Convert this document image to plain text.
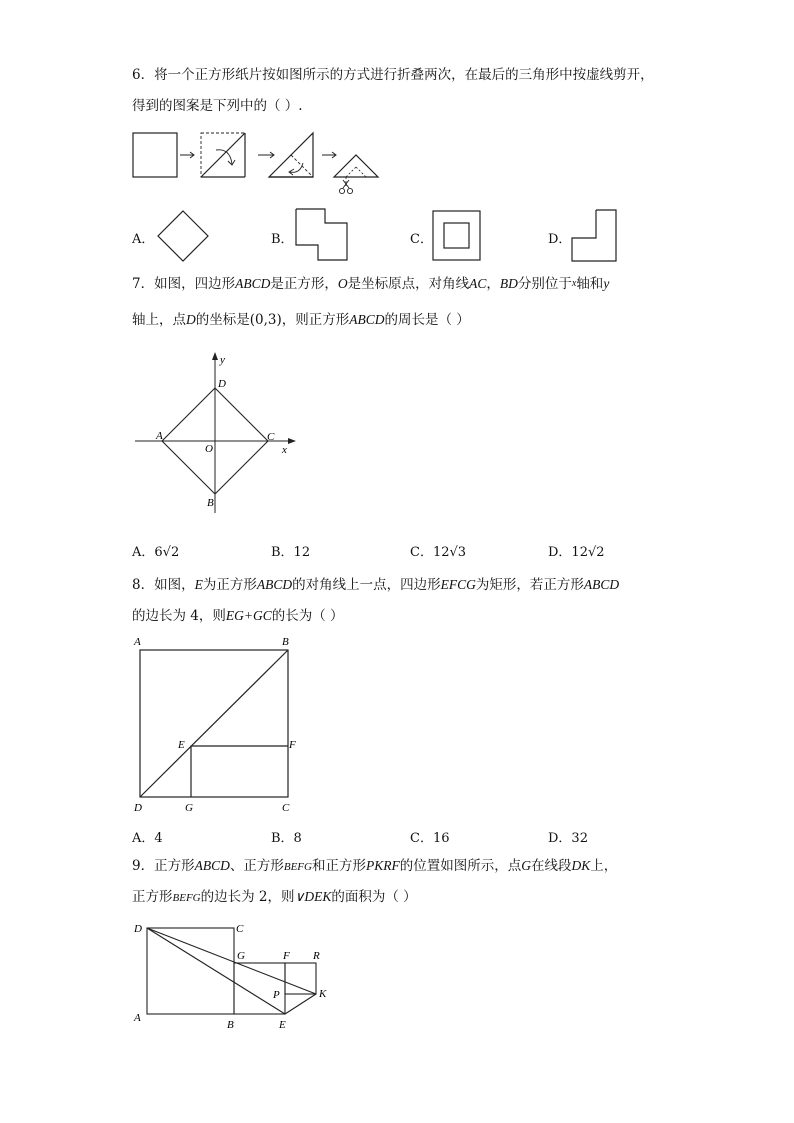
6．将一个正方形纸片按如图所示的方式进行折叠两次，在最后的三角形中按虚线剪开，
得到的图案是下列中的（ ）.
A．	B．	C．	D．
7．如图，四边形ABCD是正方形，O是坐标原点，对角线AC，BD分别位于x轴和y
轴上，点D的坐标是(0,3)，则正方形ABCD的周长是（ ）
y
D
A
O
C
x
B
A．6√2	B．12	C．12√3	D．12√2
8．如图，E为正方形ABCD的对角线上一点，四边形EFCG为矩形，若正方形ABCD
的边长为 4，则EG+GC的长为（ ）
A	B
E	F
D	G	C
A．4	B．8	C．16	D．32
9．正方形ABCD、正方形BEFG和正方形PKRF的位置如图所示，点G在线段DK上，
正方形BEFG的边长为 2，则∨DEK的面积为（ ）
D	C
G	F R
P	K
A
B	E
